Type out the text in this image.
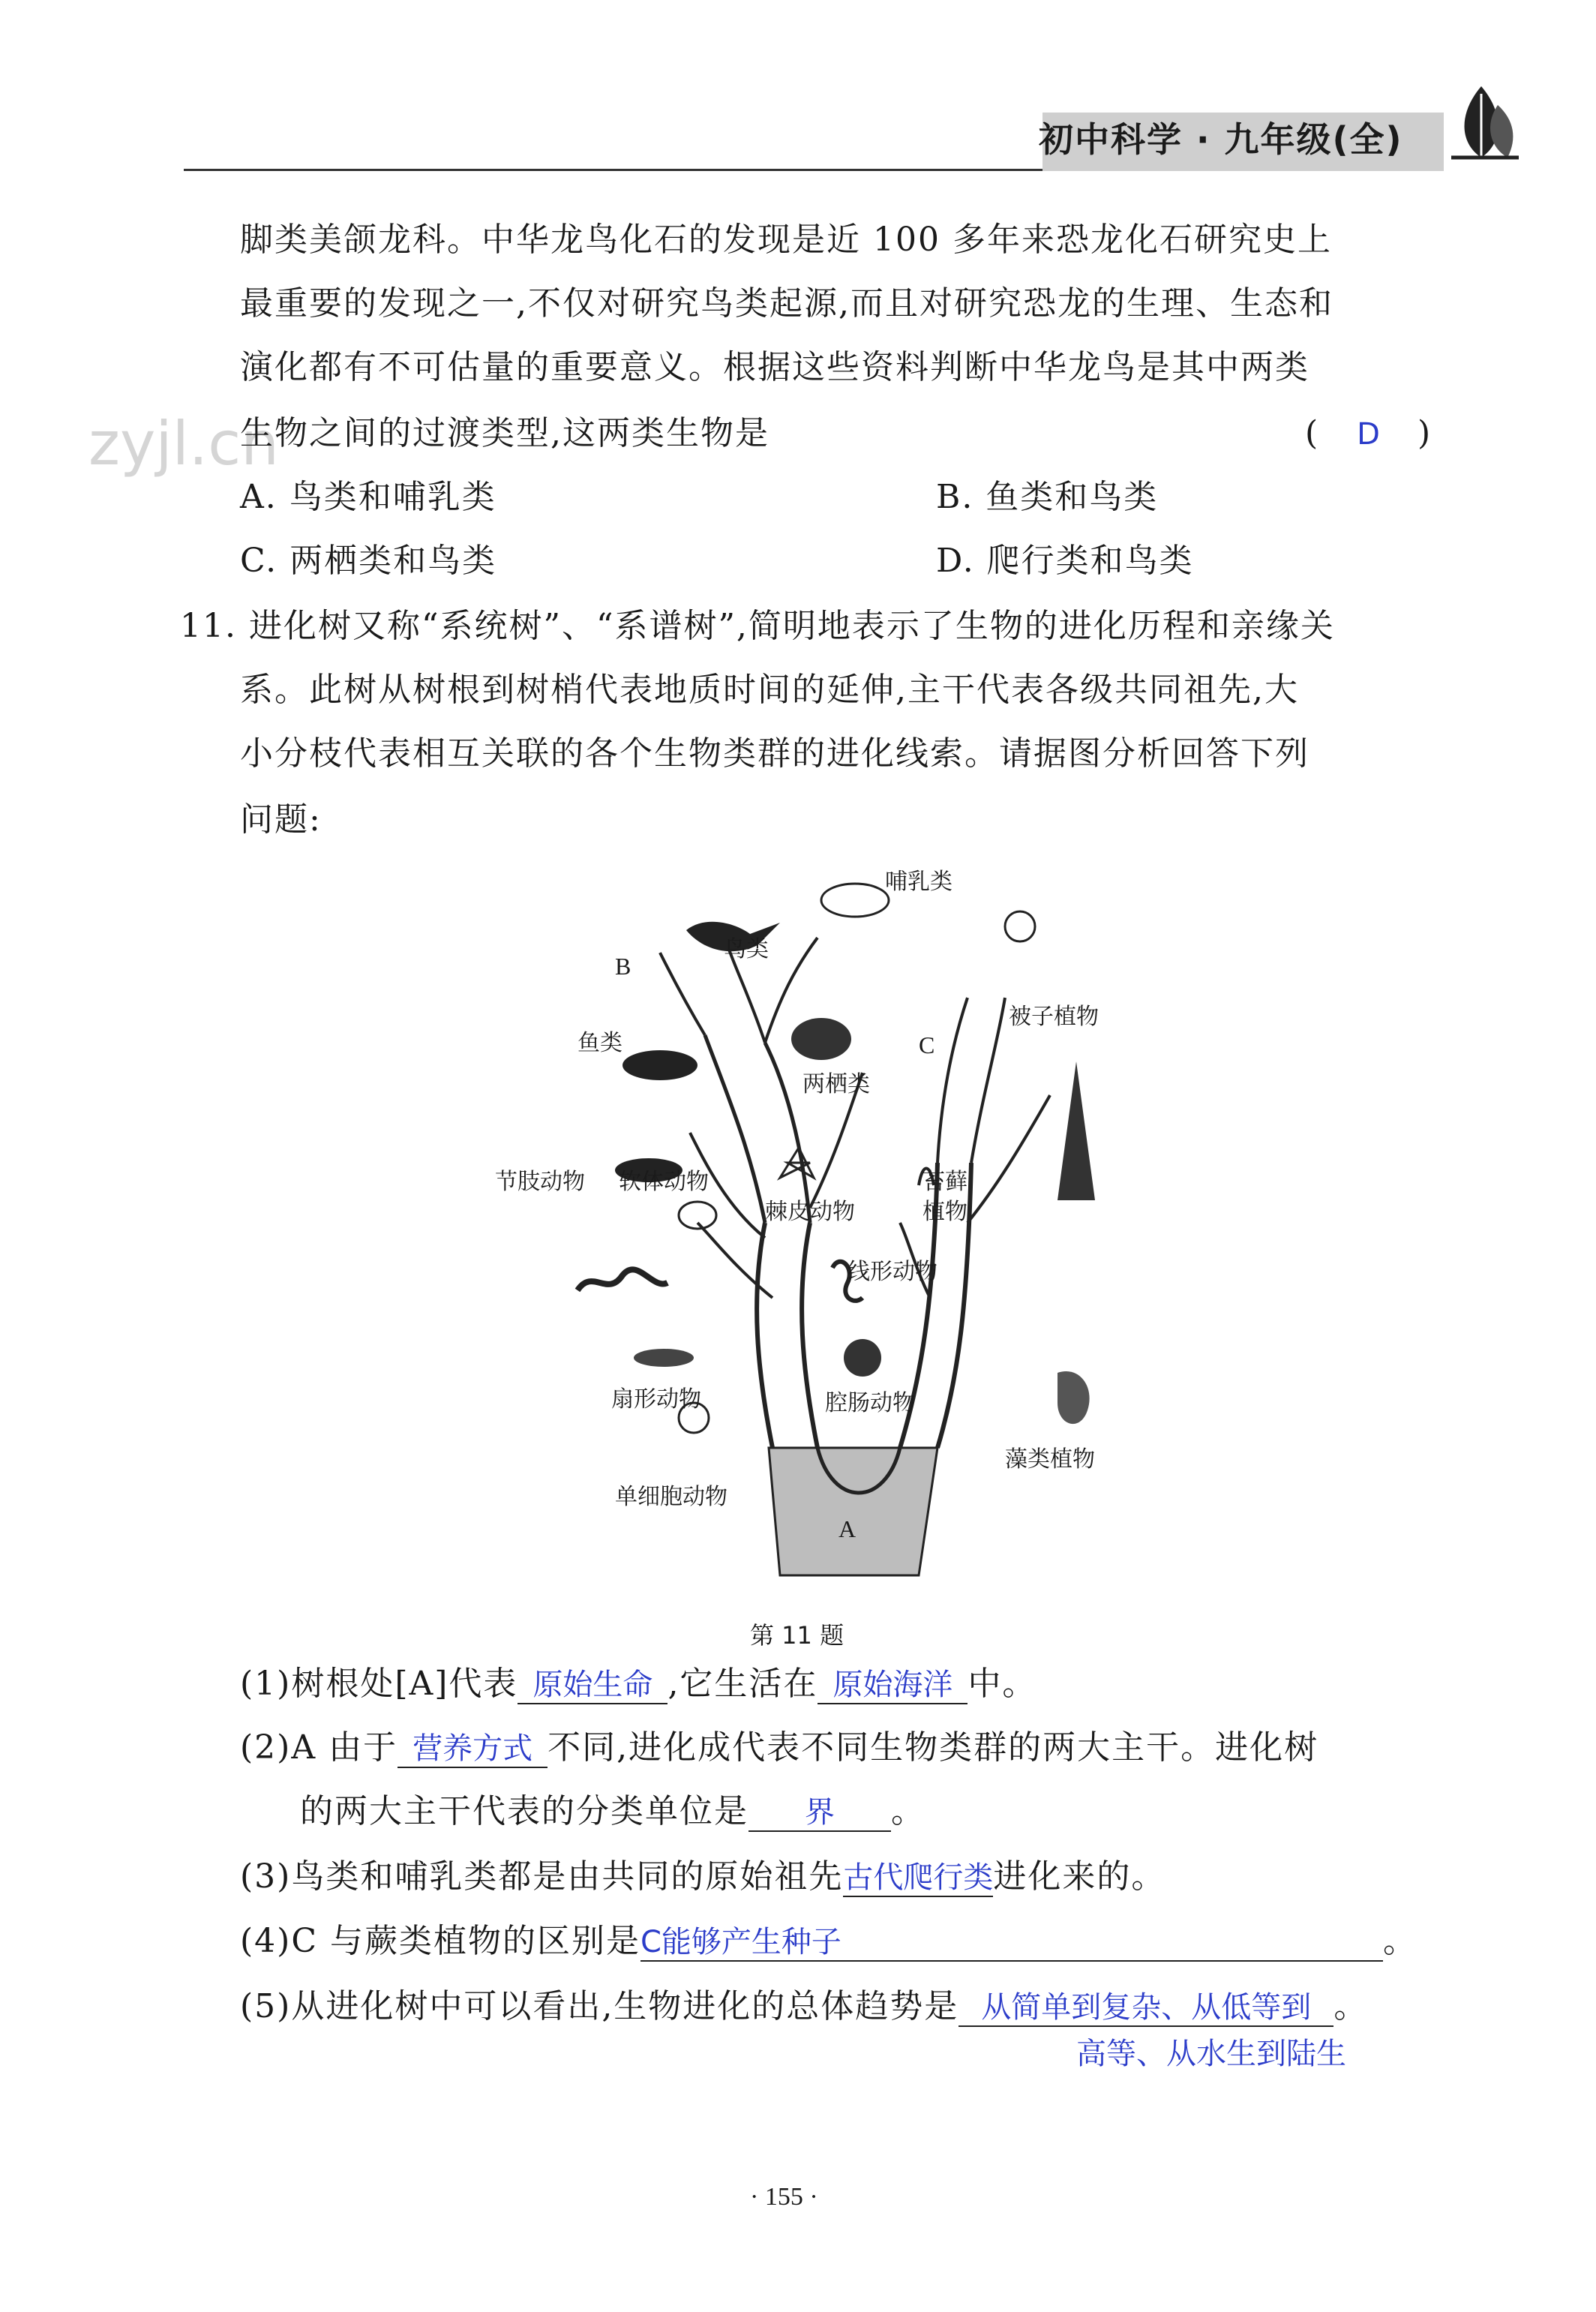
初中科学 · 九年级(全)
zyjl.cn
脚类美颌龙科。中华龙鸟化石的发现是近 100 多年来恐龙化石研究史上
最重要的发现之一,不仅对研究鸟类起源,而且对研究恐龙的生理、生态和
演化都有不可估量的重要意义。根据这些资料判断中华龙鸟是其中两类
生物之间的过渡类型,这两类生物是	( D )
A. 鸟类和哺乳类	B. 鱼类和鸟类
C. 两栖类和鸟类	D. 爬行类和鸟类
11. 进化树又称“系统树”、“系谱树”,简明地表示了生物的进化历程和亲缘关
系。此树从树根到树梢代表地质时间的延伸,主干代表各级共同祖先,大
小分枝代表相互关联的各个生物类群的进化线索。请据图分析回答下列
问题:
哺乳类
鸟类
B
被子植物
C
鱼类
两栖类
节肢动物 软体动物	苔藓
棘皮动物	植物
线形动物
扇形动物	腔肠动物
藻类植物
单细胞动物
A
第 11 题
(1)树根处[A]代表 原始生命 ,它生活在 原始海洋 中。
(2)A 由于 营养方式 不同,进化成代表不同生物类群的两大主干。进化树
的两大主干代表的分类单位是 界 。
(3)鸟类和哺乳类都是由共同的原始祖先古代爬行类进化来的。
(4)C 与蕨类植物的区别是C能够产生种子	。
(5)从进化树中可以看出,生物进化的总体趋势是 从简单到复杂、从低等到 。
高等、从水生到陆生
· 155 ·
